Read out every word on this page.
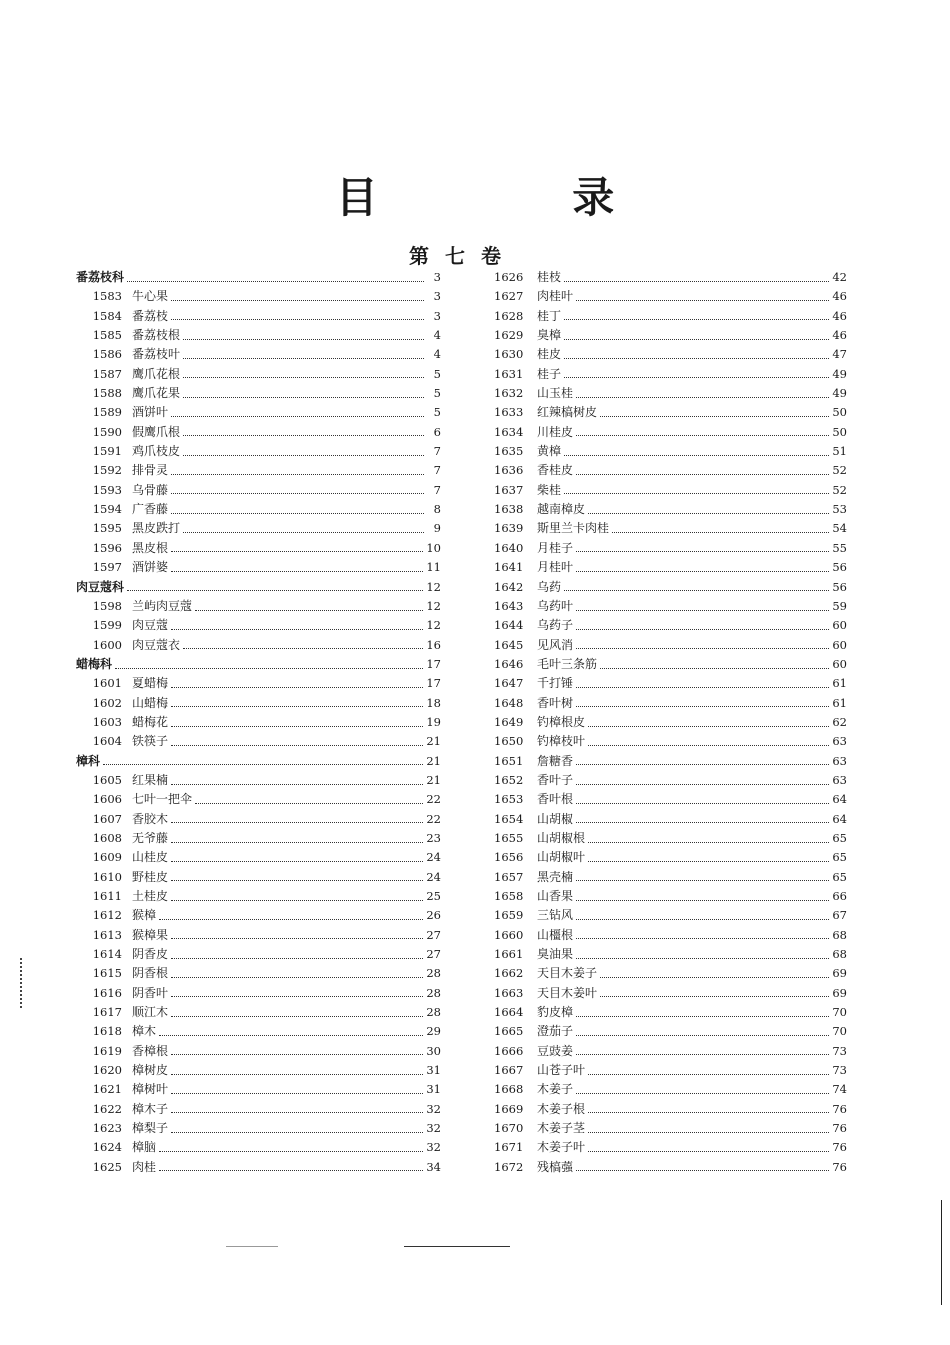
目 录
第七卷
番荔枝科	3
1583 牛心果	3
1584 番荔枝	3
1585 番荔枝根	4
1586 番荔枝叶	4
1587 鹰爪花根	5
1588 鹰爪花果	5
1589 酒饼叶	5
1590 假鹰爪根	6
1591 鸡爪枝皮	7
1592 排骨灵	7
1593 乌骨藤	7
1594 广香藤	8
1595 黑皮跌打	9
1596 黑皮根	10
1597 酒饼婆	11
肉豆蔻科	12
1598 兰屿肉豆蔻	12
1599 肉豆蔻	12
1600 肉豆蔻衣	16
蜡梅科	17
1601 夏蜡梅	17
1602 山蜡梅	18
1603 蜡梅花	19
1604 铁筷子	21
樟科	21
1605 红果楠	21
1606 七叶一把伞	22
1607 香胶木	22
1608 无爷藤	23
1609 山桂皮	24
1610 野桂皮	24
1611 土桂皮	25
1612 猴樟	26
1613 猴樟果	27
1614 阴香皮	27
1615 阴香根	28
1616 阴香叶	28
1617 顺江木	28
1618 樟木	29
1619 香樟根	30
1620 樟树皮	31
1621 樟树叶	31
1622 樟木子	32
1623 樟梨子	32
1624 樟脑	32
1625 肉桂	34
1626	桂枝	42
1627	肉桂叶	46
1628	桂丁	46
1629	臭樟	46
1630	桂皮	47
1631	桂子	49
1632	山玉桂	49
1633	红辣槁树皮	50
1634	川桂皮	50
1635	黄樟	51
1636	香桂皮	52
1637	柴桂	52
1638	越南樟皮	53
1639	斯里兰卡肉桂	54
1640	月桂子	55
1641	月桂叶	56
1642	乌药	56
1643	乌药叶	59
1644	乌药子	60
1645	见风消	60
1646	毛叶三条筋	60
1647	千打锤	61
1648	香叶树	61
1649	钓樟根皮	62
1650	钓樟枝叶	63
1651	詹糖香	63
1652	香叶子	63
1653	香叶根	64
1654	山胡椒	64
1655	山胡椒根	65
1656	山胡椒叶	65
1657	黑壳楠	65
1658	山香果	66
1659	三钻风	67
1660	山橿根	68
1661	臭油果	68
1662	天目木姜子	69
1663	天目木姜叶	69
1664	豹皮樟	70
1665	澄茄子	70
1666	豆豉姜	73
1667	山苍子叶	73
1668	木姜子	74
1669	木姜子根	76
1670	木姜子茎	76
1671	木姜子叶	76
1672	残槁蔃	76
